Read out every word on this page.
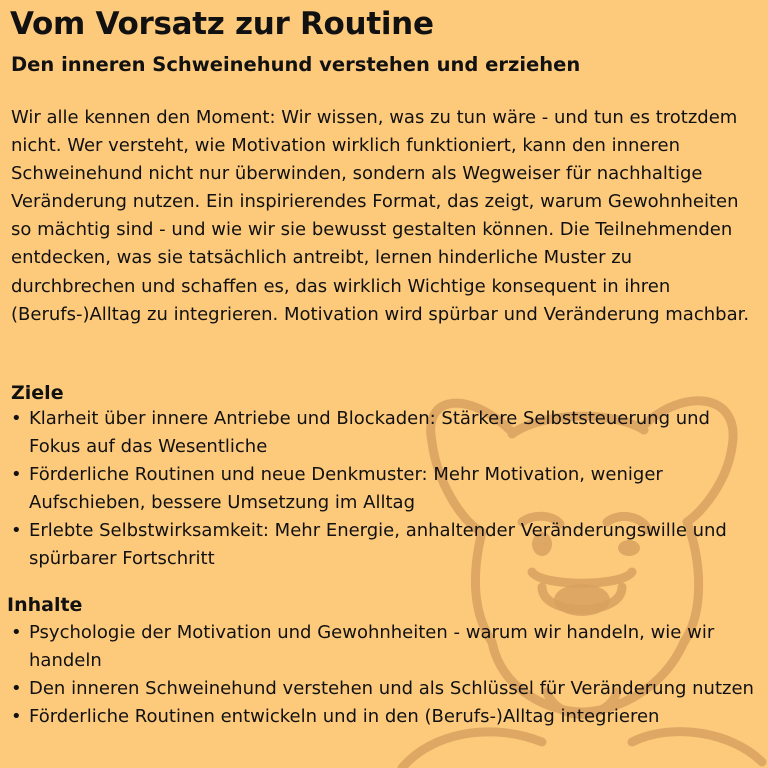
Vom Vorsatz zur Routine
Den inneren Schweinehund verstehen und erziehen

Wir alle kennen den Moment: Wir wissen, was zu tun wäre - und tun es trotzdem nicht. Wer versteht, wie Motivation wirklich funktioniert, kann den inneren Schweinehund nicht nur überwinden, sondern als Wegweiser für nachhaltige Veränderung nutzen. Ein inspirierendes Format, das zeigt, warum Gewohnheiten so mächtig sind - und wie wir sie bewusst gestalten können. Die Teilnehmenden entdecken, was sie tatsächlich antreibt, lernen hinderliche Muster zu durchbrechen und schaffen es, das wirklich Wichtige konsequent in ihren (Berufs-)Alltag zu integrieren. Motivation wird spürbar und Veränderung machbar.

Ziele
• Klarheit über innere Antriebe und Blockaden: Stärkere Selbststeuerung und Fokus auf das Wesentliche
• Förderliche Routinen und neue Denkmuster: Mehr Motivation, weniger Aufschieben, bessere Umsetzung im Alltag
• Erlebte Selbstwirksamkeit: Mehr Energie, anhaltender Veränderungswille und spürbarer Fortschritt
Inhalte
• Psychologie der Motivation und Gewohnheiten - warum wir handeln, wie wir handeln
• Den inneren Schweinehund verstehen und als Schlüssel für Veränderung nutzen
• Förderliche Routinen entwickeln und in den (Berufs-)Alltag integrieren
